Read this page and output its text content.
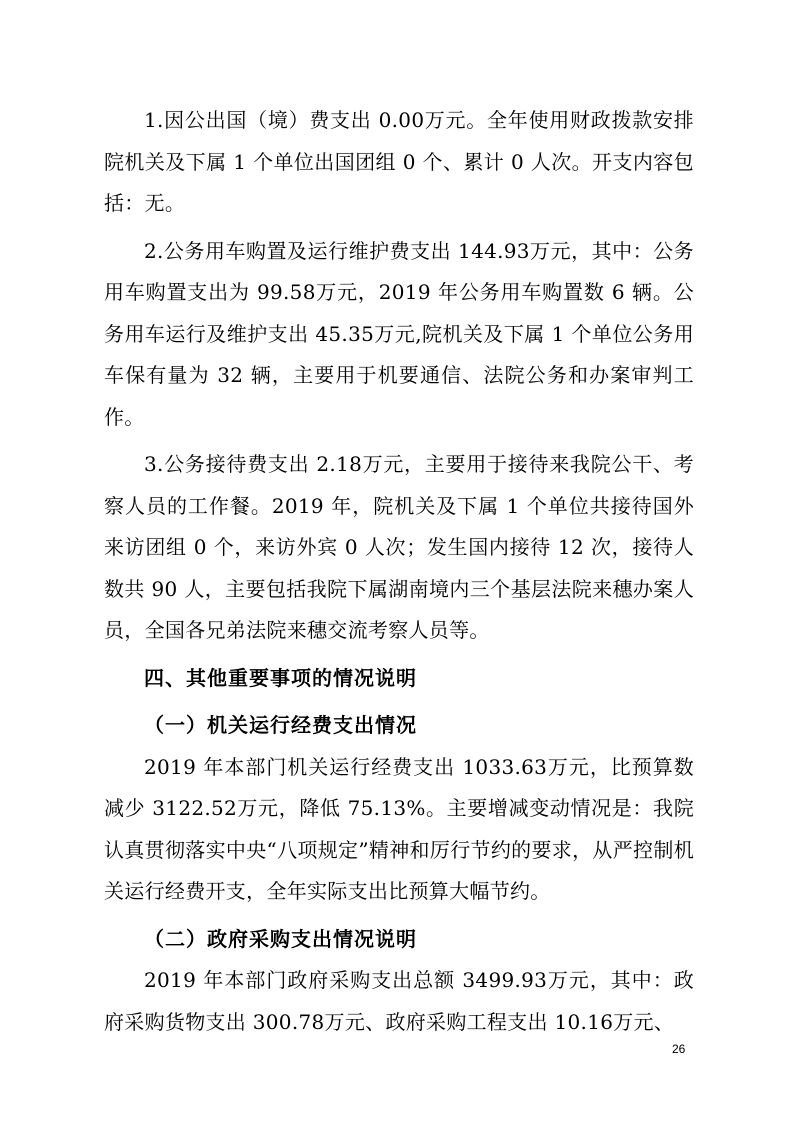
1.因公出国（境）费支出 0.00万元。全年使用财政拨款安排院机关及下属 1 个单位出国团组 0 个、累计 0 人次。开支内容包括：无。

2.公务用车购置及运行维护费支出 144.93万元，其中：公务用车购置支出为 99.58万元，2019 年公务用车购置数 6 辆。公务用车运行及维护支出 45.35万元,院机关及下属 1 个单位公务用车保有量为 32 辆，主要用于机要通信、法院公务和办案审判工作。

3.公务接待费支出 2.18万元，主要用于接待来我院公干、考察人员的工作餐。2019 年，院机关及下属 1 个单位共接待国外来访团组 0 个，来访外宾 0 人次；发生国内接待 12 次，接待人数共 90 人，主要包括我院下属湖南境内三个基层法院来穗办案人员，全国各兄弟法院来穗交流考察人员等。

四、其他重要事项的情况说明

（一）机关运行经费支出情况

2019 年本部门机关运行经费支出 1033.63万元，比预算数减少 3122.52万元，降低 75.13%。主要增减变动情况是：我院认真贯彻落实中央“八项规定”精神和厉行节约的要求，从严控制机关运行经费开支，全年实际支出比预算大幅节约。

（二）政府采购支出情况说明

2019 年本部门政府采购支出总额 3499.93万元，其中：政府采购货物支出 300.78万元、政府采购工程支出 10.16万元、

26
